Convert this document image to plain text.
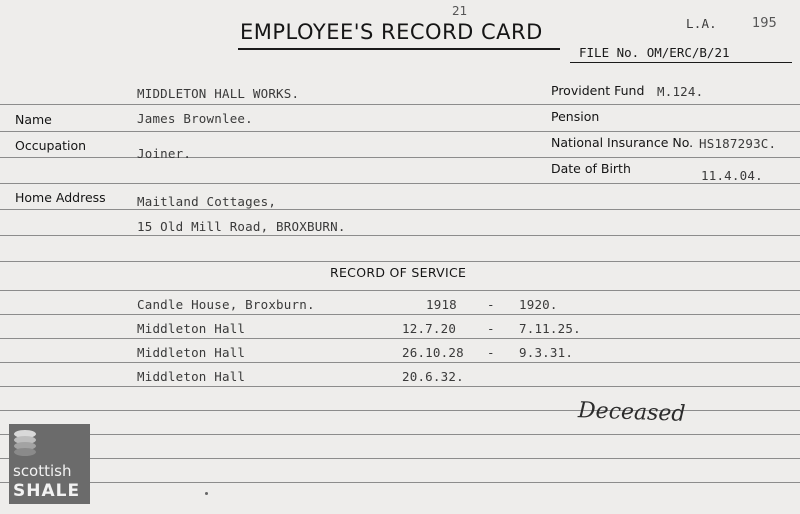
21
EMPLOYEE'S RECORD CARD	L.A.	195
FILE No. OM/ERC/B/21
MIDDLETON HALL WORKS.
Name	James Brownlee.
Occupation
Joiner.
Home Address	Maitland Cottages,
15 Old Mill Road, BROXBURN.
Provident Fund M.124.
Pension
National Insurance No. HS187293C.
Date of Birth	11.4.04.
RECORD OF SERVICE
Candle House, Broxburn.	1918 - 1920.
Middleton Hall	12.7.20 - 7.11.25.
Middleton Hall	26.10.28 - 9.3.31.
Middleton Hall	20.6.32.
Deceased
scottish
SHALE
